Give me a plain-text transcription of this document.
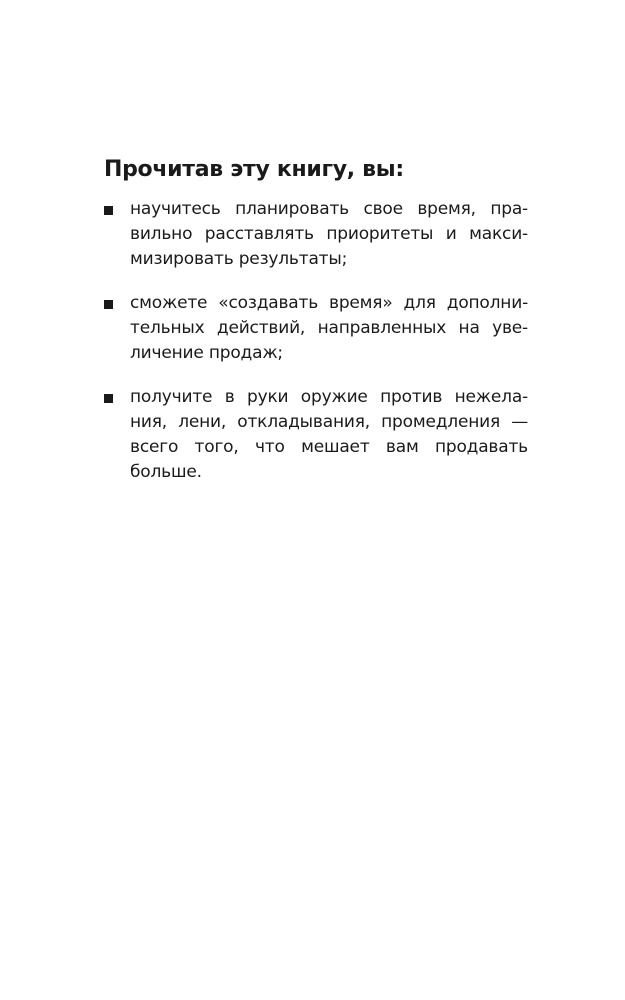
Прочитав эту книгу, вы:
научитесь планировать свое время, пра-
вильно расставлять приоритеты и макси-
мизировать результаты;
сможете «создавать время» для дополни-
тельных действий, направленных на уве-
личение продаж;
получите в руки оружие против нежела-
ния, лени, откладывания, промедления —
всего того, что мешает вам продавать
больше.
